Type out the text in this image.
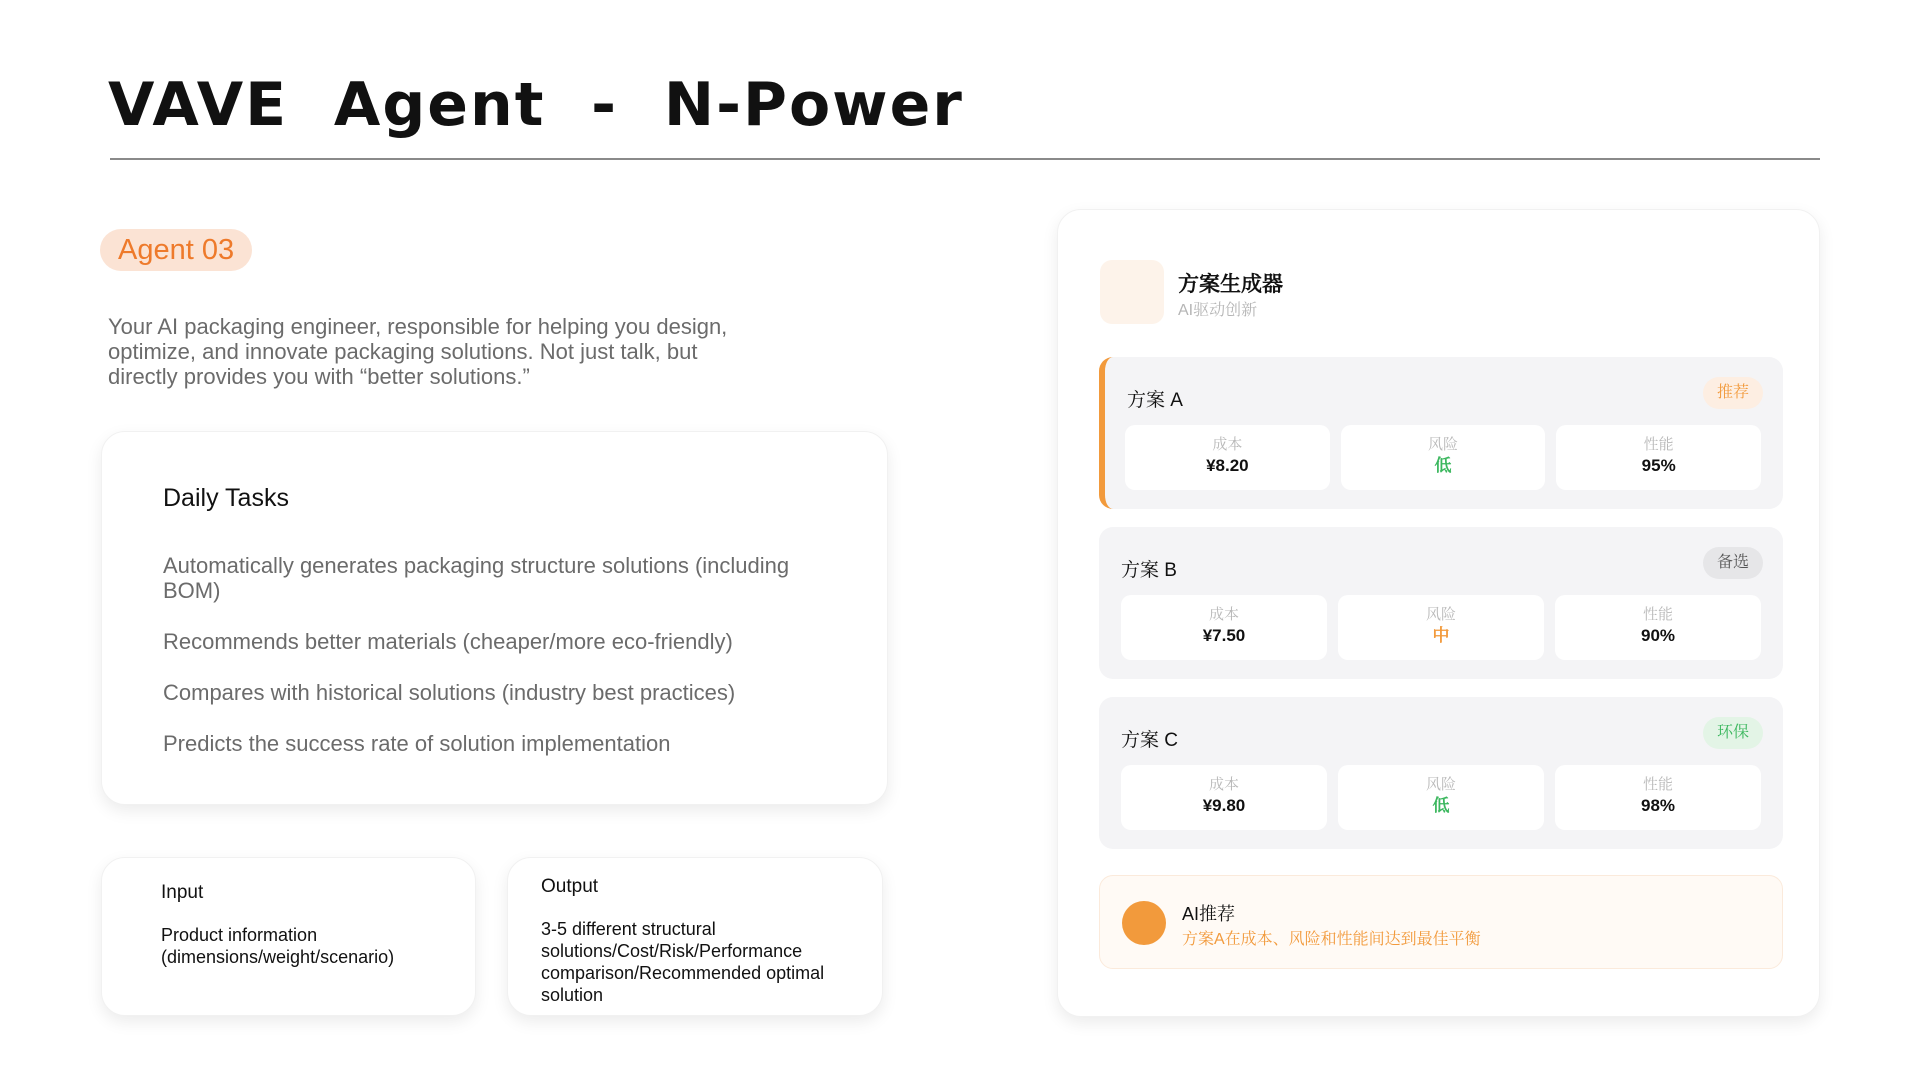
VAVE  Agent  -  N-Power
Agent 03

Your AI packaging engineer, responsible for helping you design, optimize, and innovate packaging solutions. Not just talk, but directly provides you with “better solutions.”

Daily Tasks
Automatically generates packaging structure solutions (including BOM)
Recommends better materials (cheaper/more eco-friendly)
Compares with historical solutions (industry best practices)
Predicts the success rate of solution implementation
Input
Product information (dimensions/weight/scenario)
Output
3-5 different structural solutions/Cost/Risk/Performance comparison/Recommended optimal solution
方案生成器
AI驱动创新
方案 A	推荐
成本
¥8.20
风险
低
性能
95%
方案 B	备选
成本
¥7.50
风险
中
性能
90%
方案 C	环保
成本
¥9.80
风险
低
性能
98%
AI推荐
方案A在成本、风险和性能间达到最佳平衡
